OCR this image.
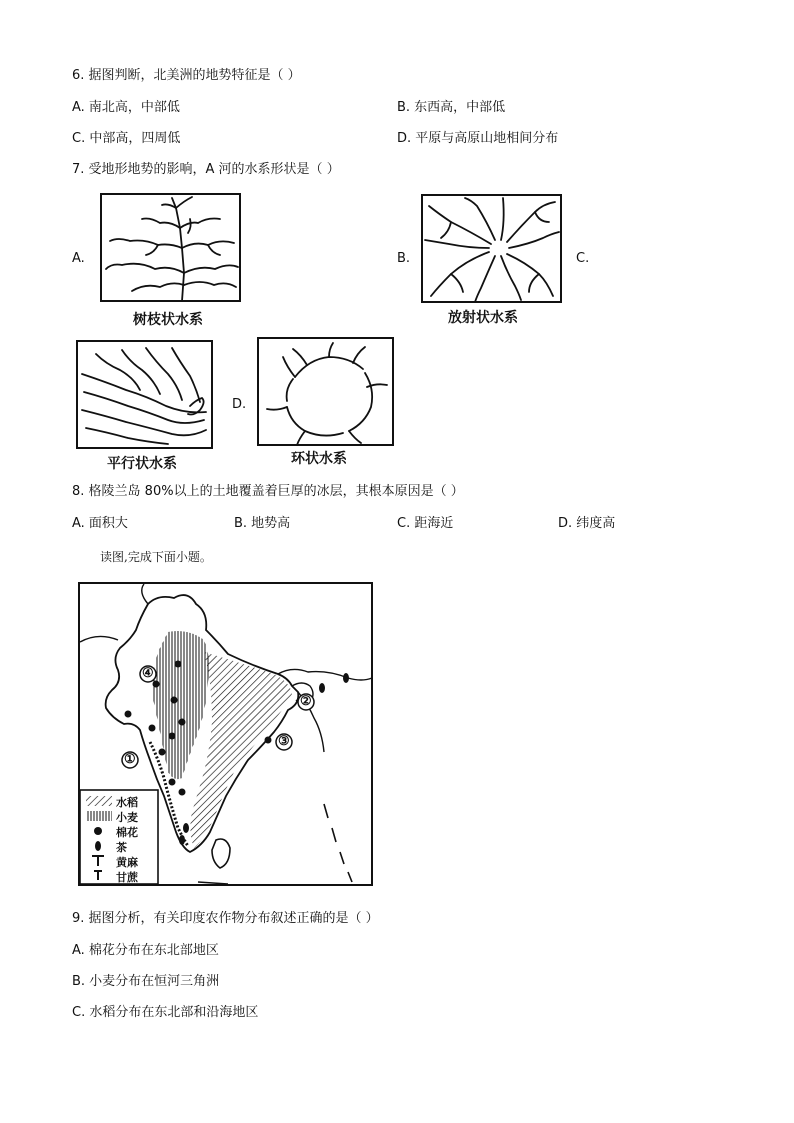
6. 据图判断，北美洲的地势特征是（ ）
A. 南北高，中部低	B. 东西高，中部低
C. 中部高，四周低	D. 平原与高原山地相间分布
7. 受地形地势的影响，A 河的水系形状是（ ）
A.
树枝状水系
B.
放射状水系
C.
平行状水系
D.
环状水系
8. 格陵兰岛 80%以上的土地覆盖着巨厚的冰层，其根本原因是（ ）
A. 面积大	B. 地势高	C. 距海近	D. 纬度高
读图,完成下面小题。
①
②
③
④
水稻
小麦
棉花
茶
黄麻
甘蔗
9. 据图分析，有关印度农作物分布叙述正确的是（ ）
A. 棉花分布在东北部地区
B. 小麦分布在恒河三角洲
C. 水稻分布在东北部和沿海地区
